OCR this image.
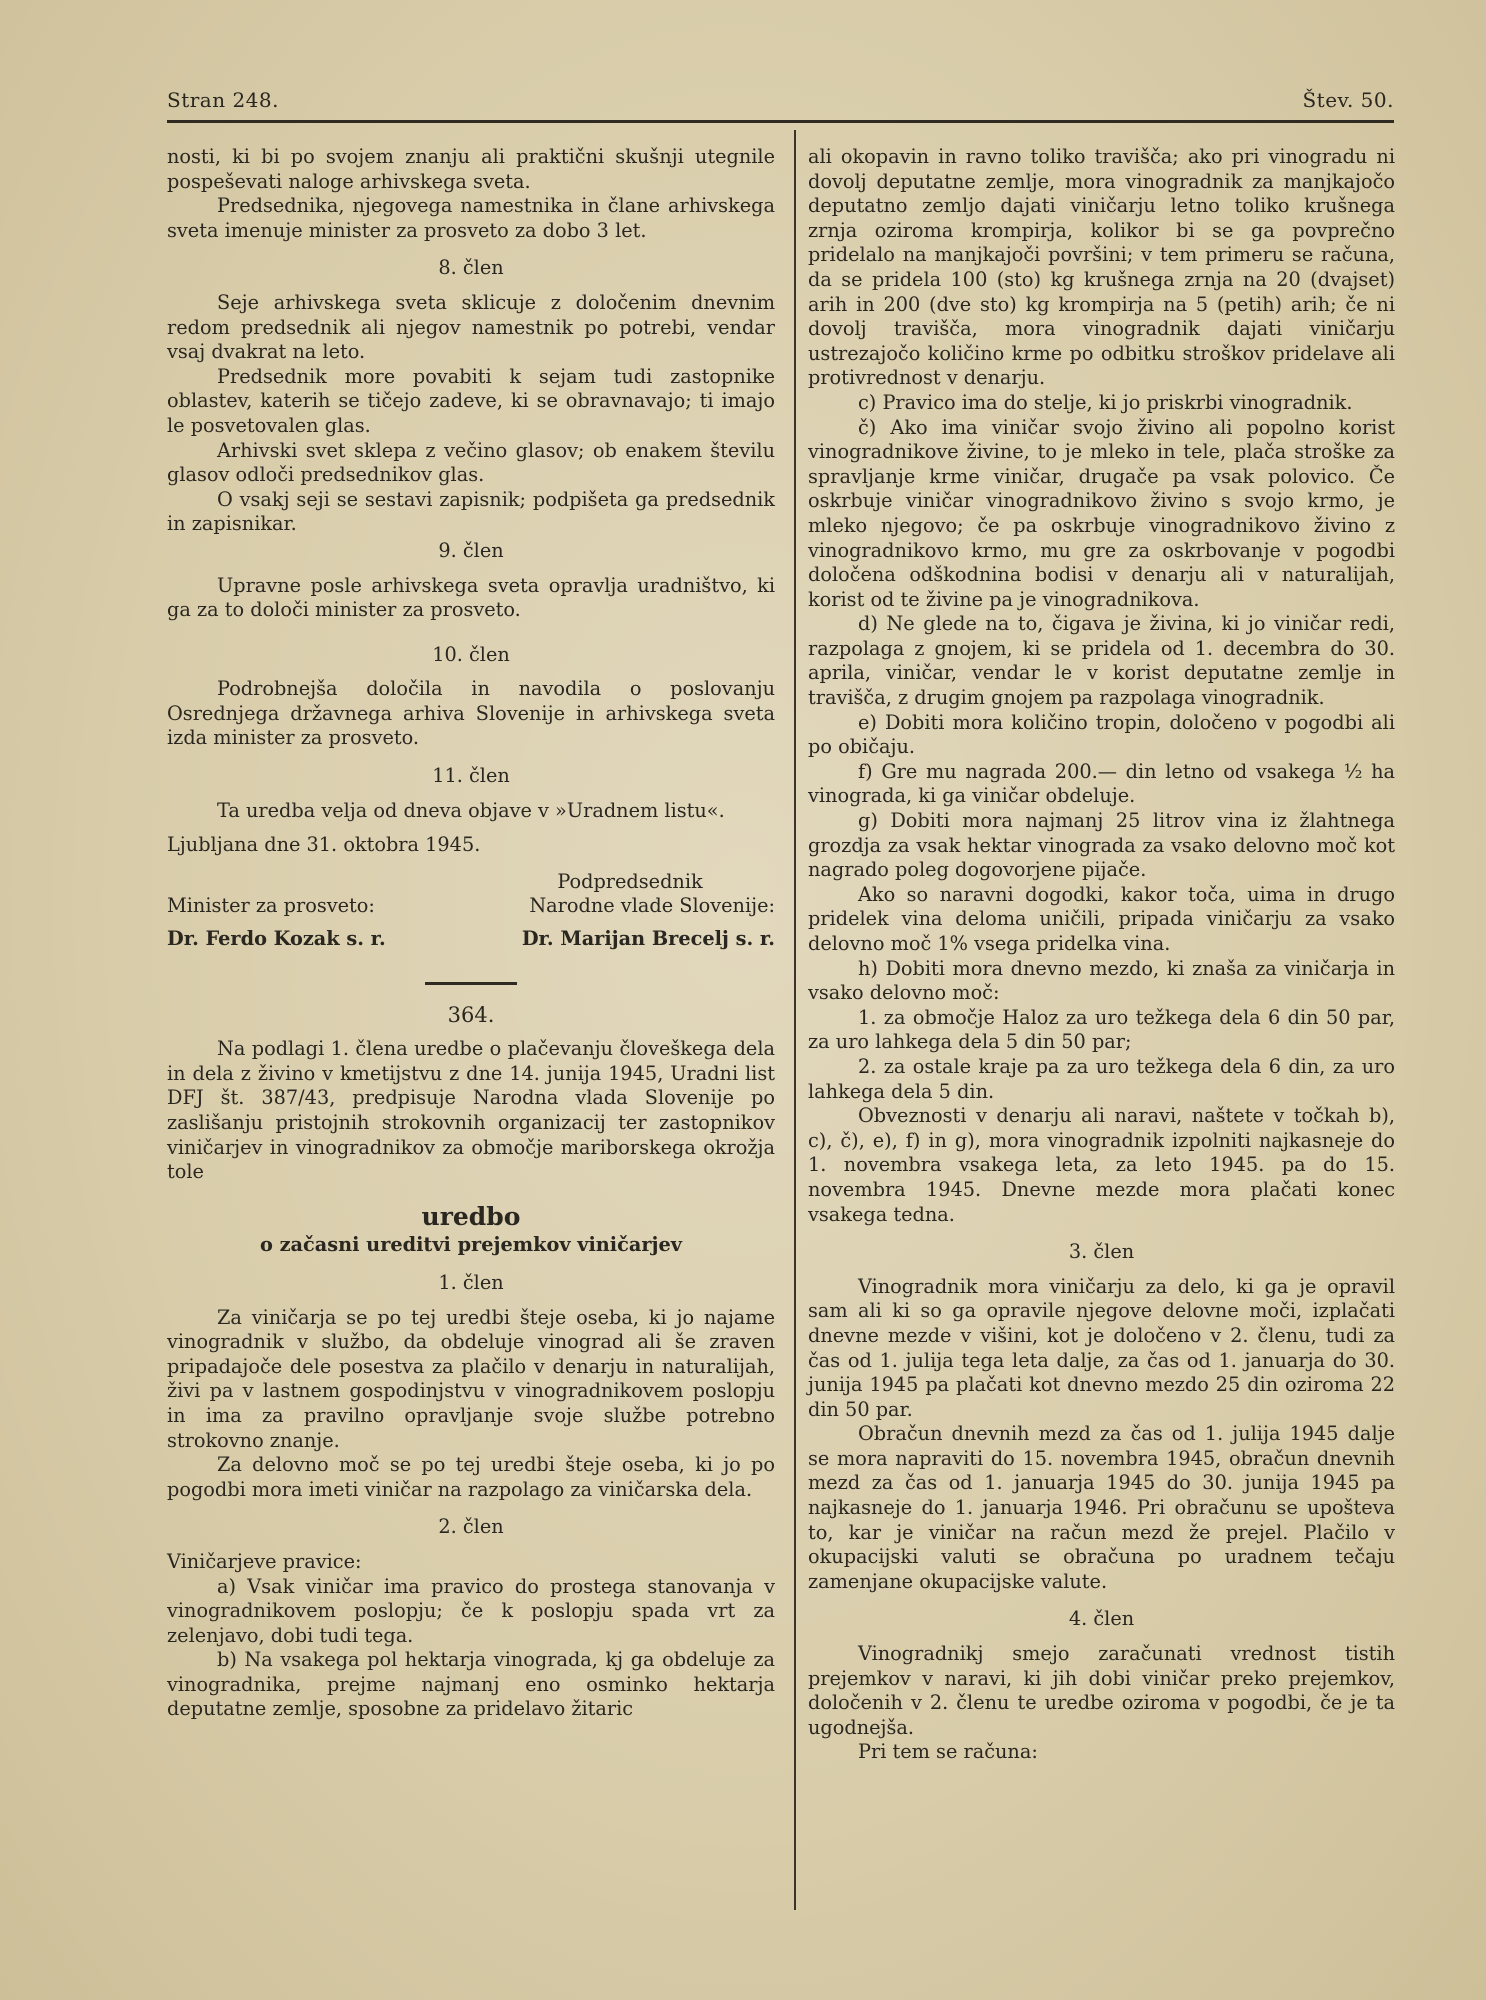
Stran 248.	Štev. 50.

nosti, ki bi po svojem znanju ali praktični skušnji utegnile pospeševati naloge arhivskega sveta.

Predsednika, njegovega namestnika in člane arhivskega sveta imenuje minister za prosveto za dobo 3 let.

8. člen

Seje arhivskega sveta sklicuje z določenim dnevnim redom predsednik ali njegov namestnik po potrebi, vendar vsaj dvakrat na leto.

Predsednik more povabiti k sejam tudi zastopnike oblastev, katerih se tičejo zadeve, ki se obravnavajo; ti imajo le posvetovalen glas.

Arhivski svet sklepa z večino glasov; ob enakem številu glasov odloči predsednikov glas.

O vsakj seji se sestavi zapisnik; podpišeta ga predsednik in zapisnikar.

9. člen

Upravne posle arhivskega sveta opravlja uradništvo, ki ga za to določi minister za prosveto.

10. člen

Podrobnejša določila in navodila o poslovanju Osrednjega državnega arhiva Slovenije in arhivskega sveta izda minister za prosveto.

11. člen

Ta uredba velja od dneva objave v »Uradnem listu«.

Ljubljana dne 31. oktobra 1945.

Minister za prosveto:
Dr. Ferdo Kozak s. r.
Podpredsednik
Narodne vlade Slovenije:
Dr. Marijan Brecelj s. r.

364.

Na podlagi 1. člena uredbe o plačevanju človeškega dela in dela z živino v kmetijstvu z dne 14. junija 1945, Uradni list DFJ št. 387/43, predpisuje Narodna vlada Slovenije po zaslišanju pristojnih strokovnih organizacij ter zastopnikov viničarjev in vinogradnikov za območje mariborskega okrožja tole

uredbo

o začasni ureditvi prejemkov viničarjev

1. člen

Za viničarja se po tej uredbi šteje oseba, ki jo najame vinogradnik v službo, da obdeluje vinograd ali še zraven pripadajoče dele posestva za plačilo v denarju in naturalijah, živi pa v lastnem gospodinjstvu v vinogradnikovem poslopju in ima za pravilno opravljanje svoje službe potrebno strokovno znanje.

Za delovno moč se po tej uredbi šteje oseba, ki jo po pogodbi mora imeti viničar na razpolago za viničarska dela.

2. člen

Viničarjeve pravice:

a) Vsak viničar ima pravico do prostega stanovanja v vinogradnikovem poslopju; če k poslopju spada vrt za zelenjavo, dobi tudi tega.

b) Na vsakega pol hektarja vinograda, kj ga obdeluje za vinogradnika, prejme najmanj eno osminko hektarja deputatne zemlje, sposobne za pridelavo žitaric

ali okopavin in ravno toliko travišča; ako pri vinogradu ni dovolj deputatne zemlje, mora vinogradnik za manjkajočo deputatno zemljo dajati viničarju letno toliko krušnega zrnja oziroma krompirja, kolikor bi se ga povprečno pridelalo na manjkajoči površini; v tem primeru se računa, da se pridela 100 (sto) kg krušnega zrnja na 20 (dvajset) arih in 200 (dve sto) kg krompirja na 5 (petih) arih; če ni dovolj travišča, mora vinogradnik dajati viničarju ustrezajočo količino krme po odbitku stroškov pridelave ali protivrednost v denarju.

c) Pravico ima do stelje, ki jo priskrbi vinogradnik.

č) Ako ima viničar svojo živino ali popolno korist vinogradnikove živine, to je mleko in tele, plača stroške za spravljanje krme viničar, drugače pa vsak polovico. Če oskrbuje viničar vinogradnikovo živino s svojo krmo, je mleko njegovo; če pa oskrbuje vinogradnikovo živino z vinogradnikovo krmo, mu gre za oskrbovanje v pogodbi določena odškodnina bodisi v denarju ali v naturalijah, korist od te živine pa je vinogradnikova.

d) Ne glede na to, čigava je živina, ki jo viničar redi, razpolaga z gnojem, ki se pridela od 1. decembra do 30. aprila, viničar, vendar le v korist deputatne zemlje in travišča, z drugim gnojem pa razpolaga vinogradnik.

e) Dobiti mora količino tropin, določeno v pogodbi ali po običaju.

f) Gre mu nagrada 200.— din letno od vsakega ½ ha vinograda, ki ga viničar obdeluje.

g) Dobiti mora najmanj 25 litrov vina iz žlahtnega grozdja za vsak hektar vinograda za vsako delovno moč kot nagrado poleg dogovorjene pijače.

Ako so naravni dogodki, kakor toča, uima in drugo pridelek vina deloma uničili, pripada viničarju za vsako delovno moč 1% vsega pridelka vina.

h) Dobiti mora dnevno mezdo, ki znaša za viničarja in vsako delovno moč:

1. za območje Haloz za uro težkega dela 6 din 50 par, za uro lahkega dela 5 din 50 par;

2. za ostale kraje pa za uro težkega dela 6 din, za uro lahkega dela 5 din.

Obveznosti v denarju ali naravi, naštete v točkah b), c), č), e), f) in g), mora vinogradnik izpolniti najkasneje do 1. novembra vsakega leta, za leto 1945. pa do 15. novembra 1945. Dnevne mezde mora plačati konec vsakega tedna.

3. člen

Vinogradnik mora viničarju za delo, ki ga je opravil sam ali ki so ga opravile njegove delovne moči, izplačati dnevne mezde v višini, kot je določeno v 2. členu, tudi za čas od 1. julija tega leta dalje, za čas od 1. januarja do 30. junija 1945 pa plačati kot dnevno mezdo 25 din oziroma 22 din 50 par.

Obračun dnevnih mezd za čas od 1. julija 1945 dalje se mora napraviti do 15. novembra 1945, obračun dnevnih mezd za čas od 1. januarja 1945 do 30. junija 1945 pa najkasneje do 1. januarja 1946. Pri obračunu se upošteva to, kar je viničar na račun mezd že prejel. Plačilo v okupacijski valuti se obračuna po uradnem tečaju zamenjane okupacijske valute.

4. člen

Vinogradnikj smejo zaračunati vrednost tistih prejemkov v naravi, ki jih dobi viničar preko prejemkov, določenih v 2. členu te uredbe oziroma v pogodbi, če je ta ugodnejša.

Pri tem se računa:
